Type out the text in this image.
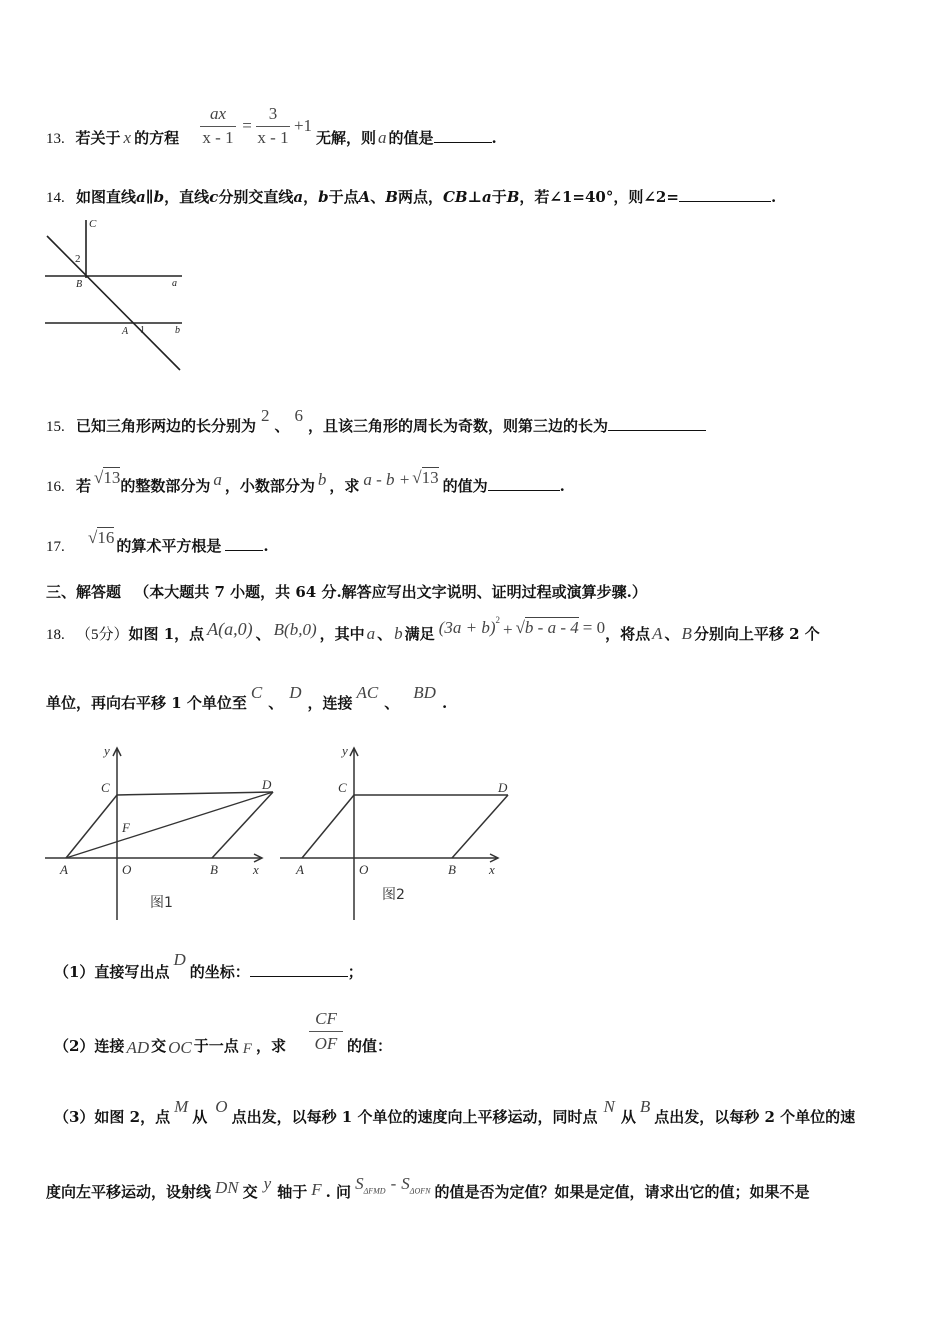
13. 若关于 x 的方程
ax
x - 1
=
3
x - 1
+1
无解，则 a 的值是	.
14. 如图直线a∥b，直线c分别交直线a，b于点A、B两点，CB⊥a于B，若∠1=40°，则∠2=	.
C
2
B	a
A 1	b
15. 已知三角形两边的长分别为2、6，且该三角形的周长为奇数，则第三边的长为
16. 若 √13的整数部分为 a ，小数部分为 b ，求 a - b + √13 的值为	.
17. √16 的算术平方根是	.
三、解答题 （本大题共 7 小题，共 64 分.解答应写出文字说明、证明过程或演算步骤.）
18. （5分）如图 1，点 A(a,0) 、 B(b,0) ，其中 a 、 b 满足 $(3a + b)^2 + √b - a - 4 = 0$，将点 A 、 B 分别向上平移 2 个
单位，再向右平移 1 个单位至C、D，连接AC、BD.
y
C	D
F
A	O	B	x
图1
y
C	D
A	O	B	x
图2
（1）直接写出点D的坐标：	；
（2）连接 AD 交 OC 于一点 F ，求
CF
OF 的值：
（3）如图 2，点M从O点出发，以每秒 1 个单位的速度向上平移运动，同时点N从B点出发，以每秒 2 个单位的速
度向左平移运动，设射线 DN 交 y 轴于 F . 问 $S_{\Delta FMD} - S_{\Delta OFN}$ 的值是否为定值？如果是定值，请求出它的值；如果不是
